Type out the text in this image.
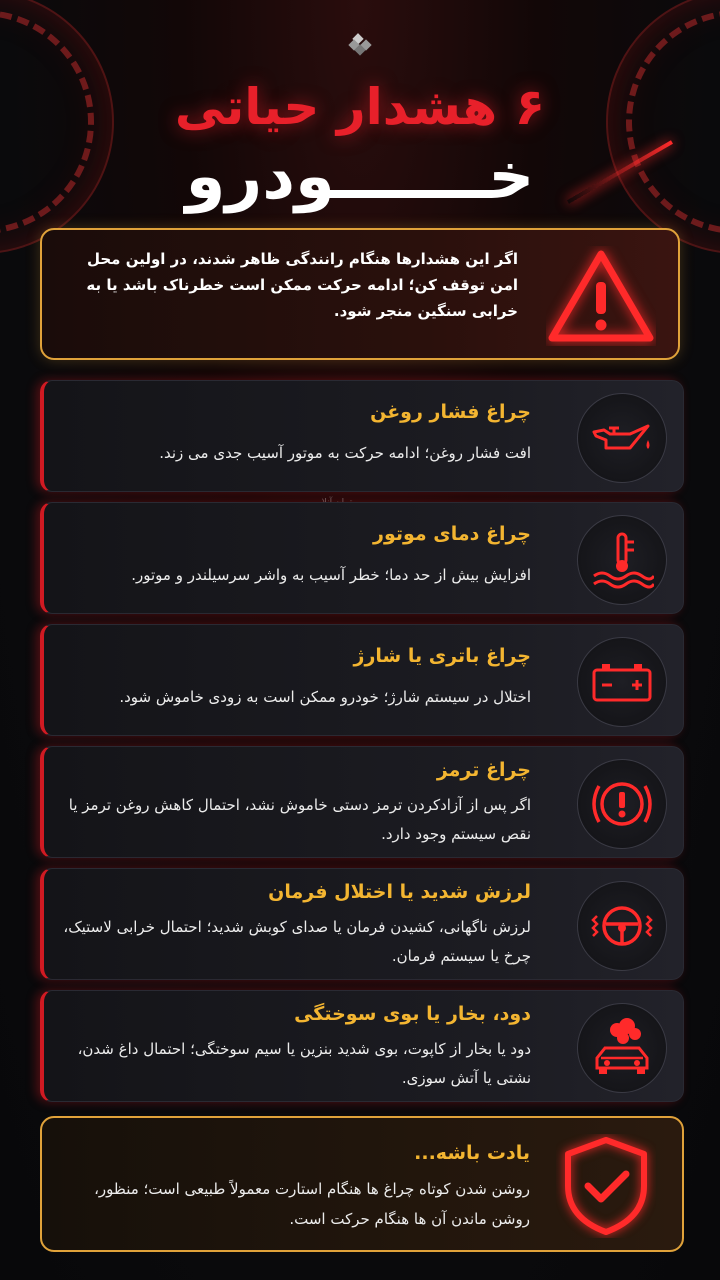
۶ هشدار حیاتی
خـــــــودرو
اگر این هشدارها هنگام رانندگی ظاهر شدند، در اولین محل امن توقف کن؛ ادامه حرکت ممکن است خطرناک باشد یا به خرابی سنگین منجر شود.
چراغ فشار روغن
افت فشار روغن؛ ادامه حرکت به موتور آسیب جدی می زند.
چراغ دمای موتور
افزایش بیش از حد دما؛ خطر آسیب به واشر سرسیلندر و موتور.
چراغ باتری یا شارژ
اختلال در سیستم شارژ؛ خودرو ممکن است به زودی خاموش شود.
چراغ ترمز
اگر پس از آزادکردن ترمز دستی خاموش نشد، احتمال کاهش روغن ترمز یا نقص سیستم وجود دارد.
لرزش شدید یا اختلال فرمان
لرزش ناگهانی، کشیدن فرمان یا صدای کوبش شدید؛ احتمال خرابی لاستیک، چرخ یا سیستم فرمان.
دود، بخار یا بوی سوختگی
دود یا بخار از کاپوت، بوی شدید بنزین یا سیم سوختگی؛ احتمال داغ شدن، نشتی یا آتش سوزی.
یادت باشه...
روشن شدن کوتاه چراغ ها هنگام استارت معمولاً طبیعی است؛ منظور، روشن ماندن آن ها هنگام حرکت است.
